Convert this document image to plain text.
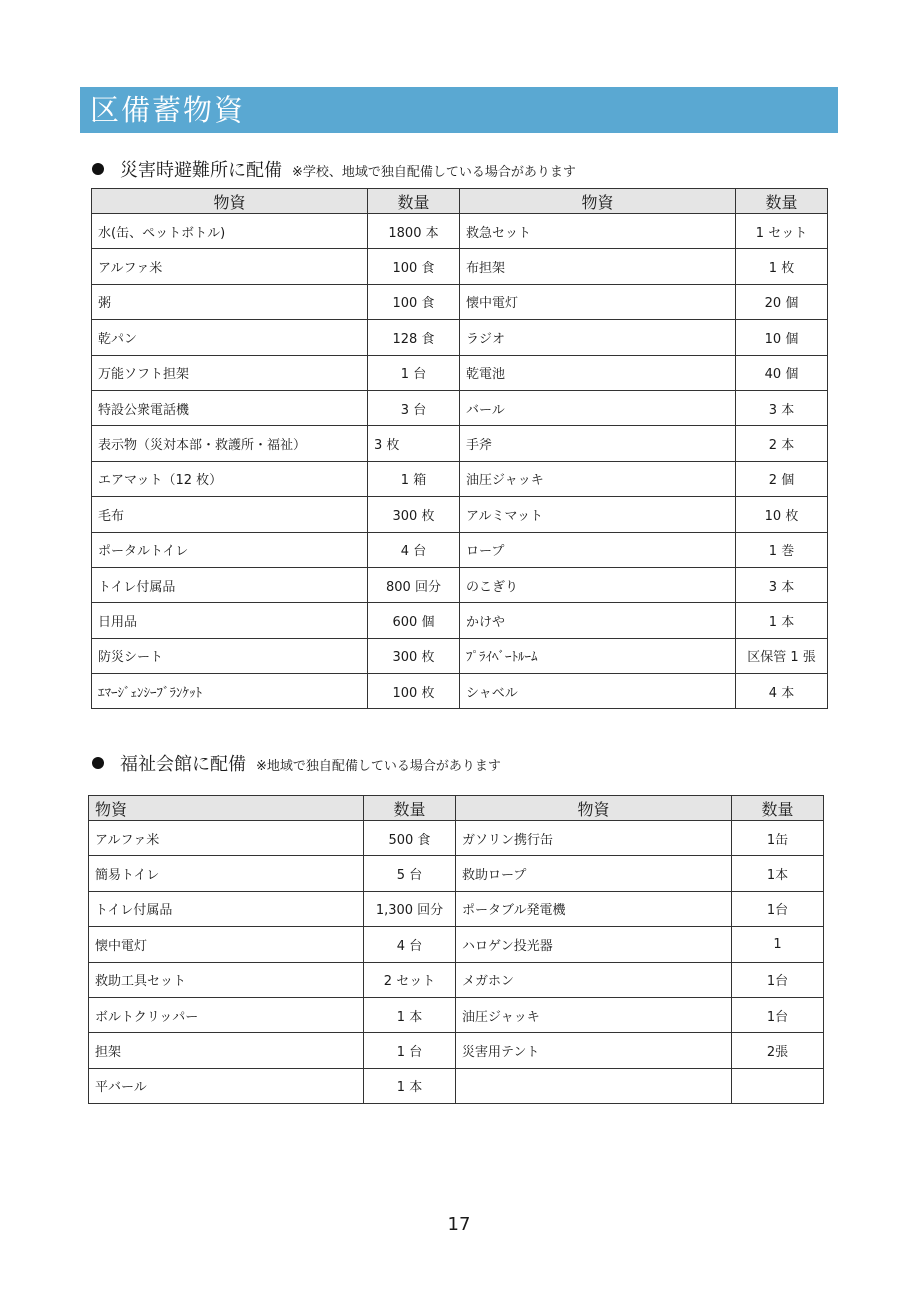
区備蓄物資
災害時避難所に配備 ※学校、地域で独自配備している場合があります
物資	数量	物資	数量
水(缶、ペットボトル)	1800 本	救急セット	1 セット
アルファ米	100 食	布担架	1 枚
粥	100 食	懐中電灯	20 個
乾パン	128 食	ラジオ	10 個
万能ソフト担架	1 台	乾電池	40 個
特設公衆電話機	3 台	バール	3 本
表示物（災対本部・救護所・福祉）	3 枚	手斧	2 本
エアマット（12 枚）	1 箱	油圧ジャッキ	2 個
毛布	300 枚	アルミマット	10 枚
ポータルトイレ	4 台	ロープ	1 巻
トイレ付属品	800 回分	のこぎり	3 本
日用品	600 個	かけや	1 本
防災シート	300 枚	ﾌﾟﾗｲﾍﾞｰﾄﾙｰﾑ	区保管 1 張
ｴﾏｰｼﾞｪﾝｼｰﾌﾞﾗﾝｹｯﾄ	100 枚	シャベル	4 本
福祉会館に配備 ※地域で独自配備している場合があります
物資	数量	物資	数量
アルファ米	500 食	ガソリン携行缶	1缶
簡易トイレ	5 台	救助ロープ	1本
トイレ付属品	1,300 回分	ポータブル発電機	1台
懐中電灯	4 台	ハロゲン投光器	1
救助工具セット	2 セット	メガホン	1台
ボルトクリッパー	1 本	油圧ジャッキ	1台
担架	1 台	災害用テント	2張
平バール	1 本		
17
